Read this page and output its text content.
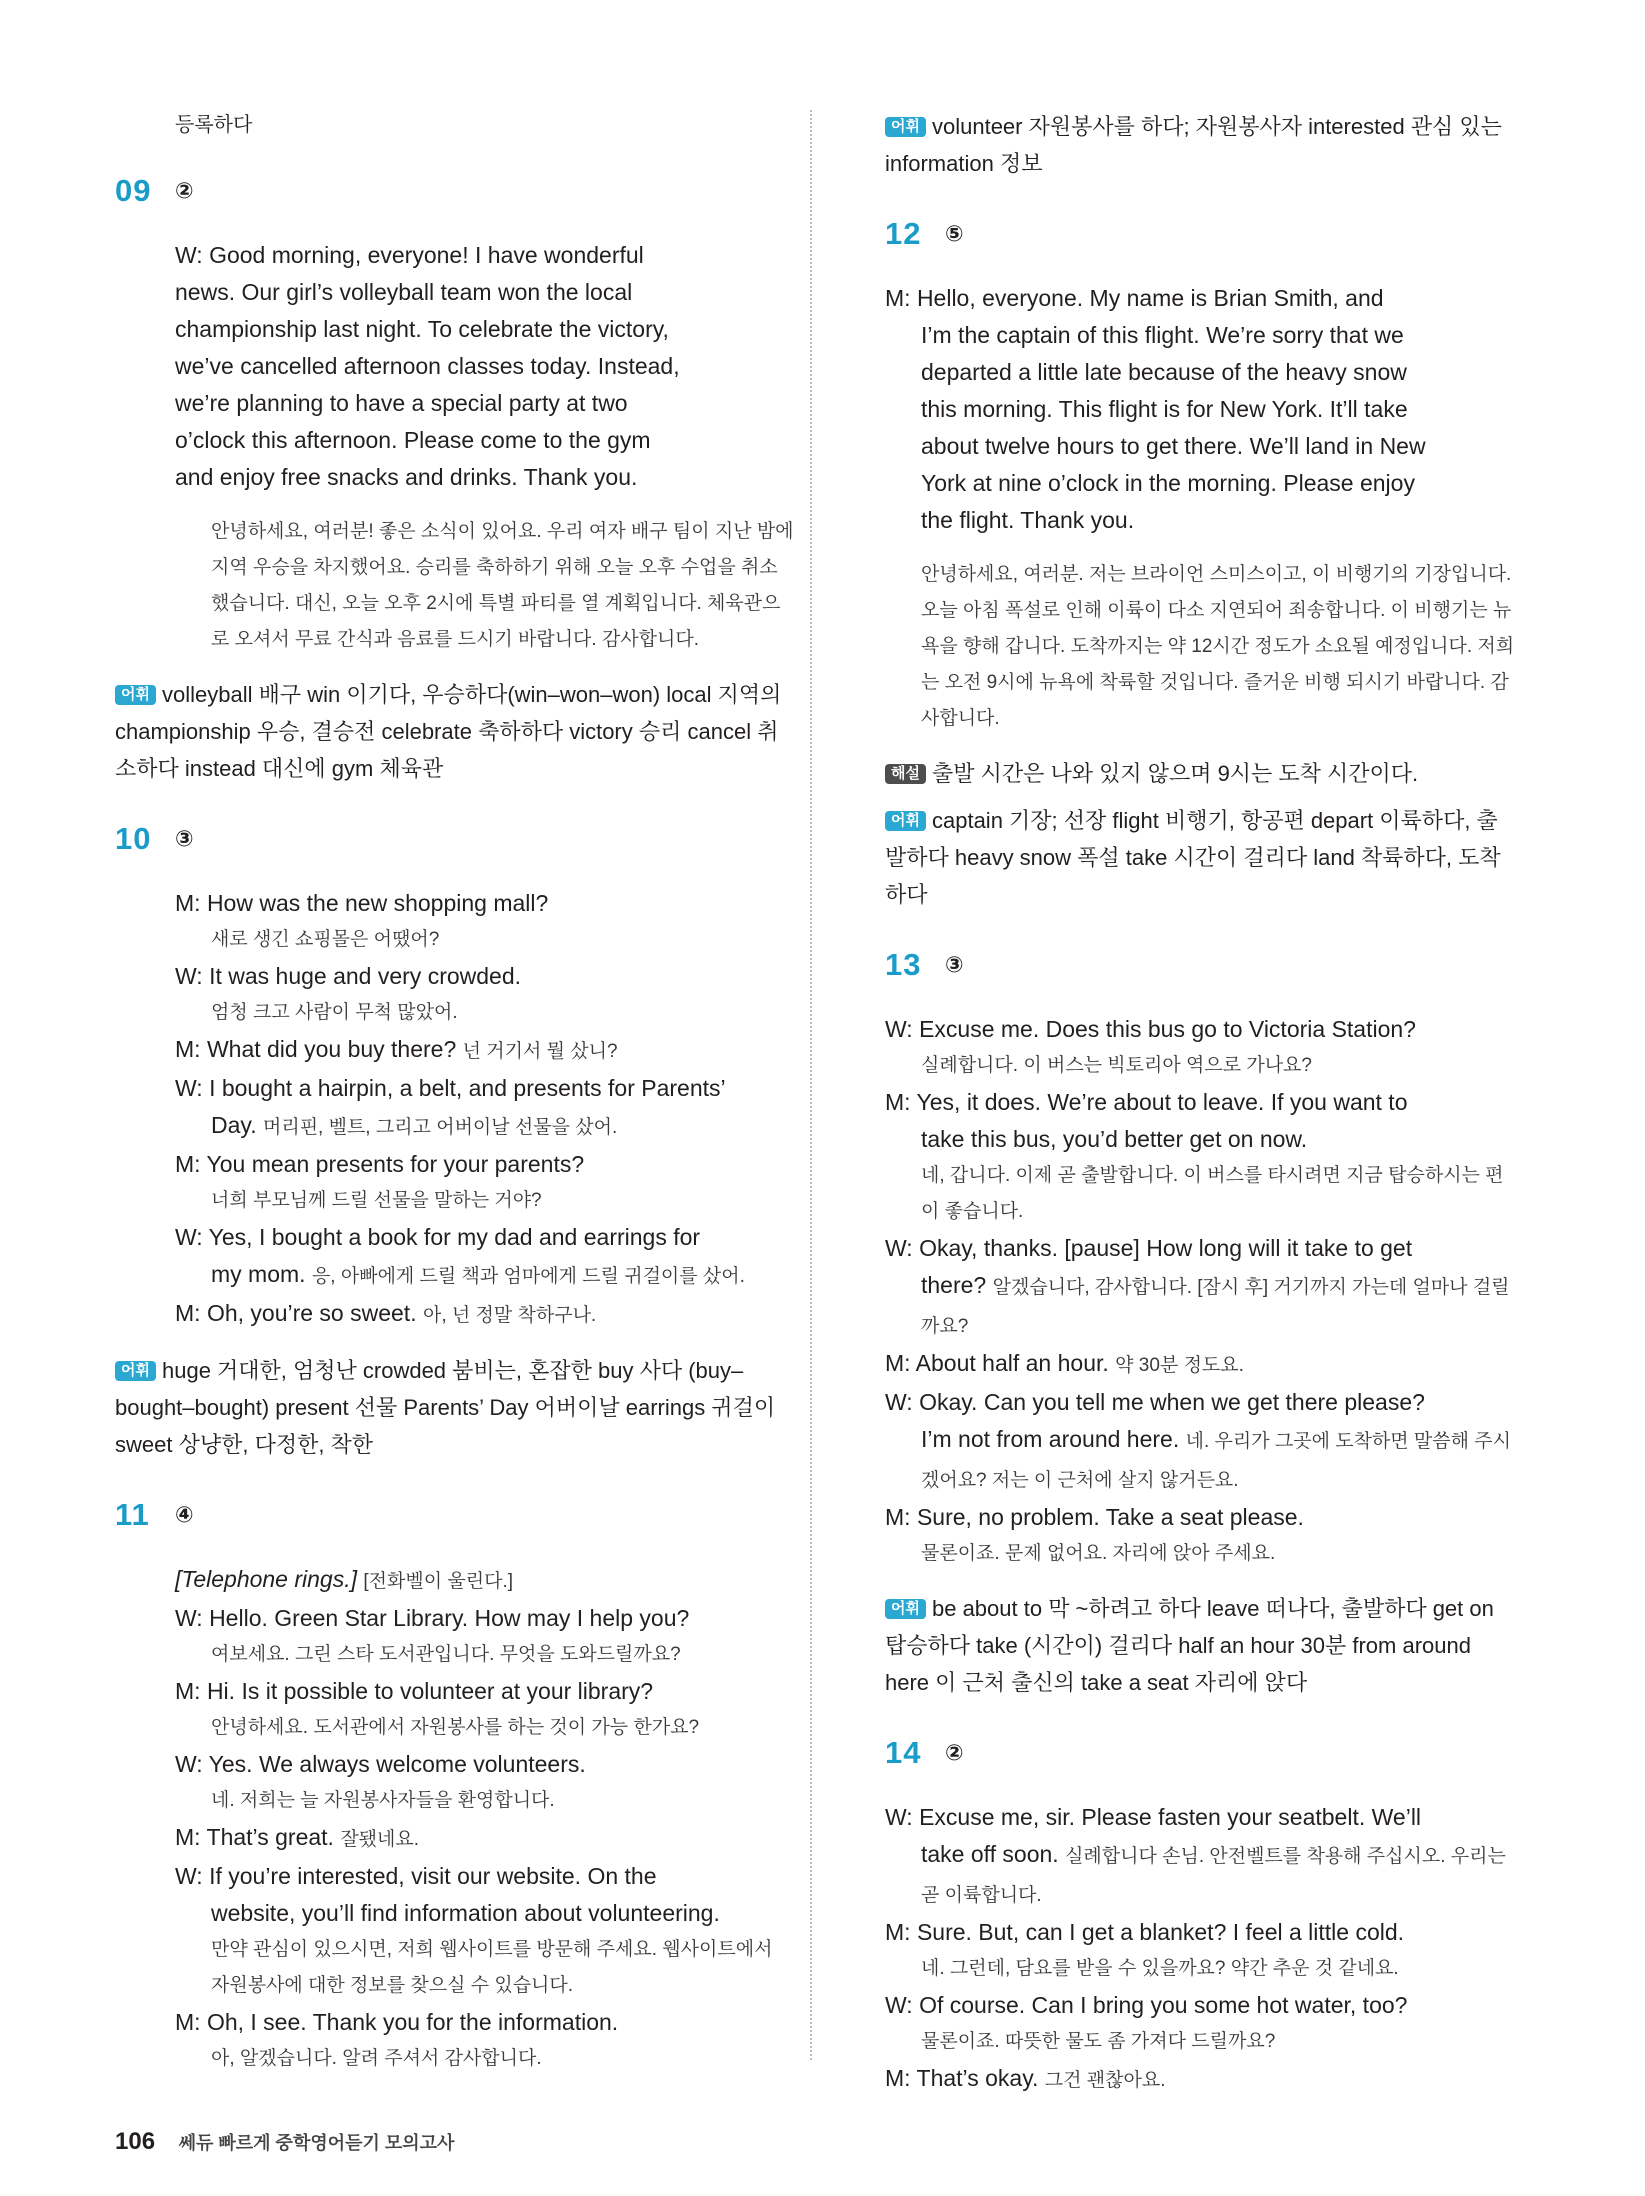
등록하다
09	②
W: Good morning, everyone! I have wonderful
news. Our girl’s volleyball team won the local
championship last night. To celebrate the victory,
we’ve cancelled afternoon classes today. Instead,
we’re planning to have a special party at two
o’clock this afternoon. Please come to the gym
and enjoy free snacks and drinks. Thank you.
안녕하세요, 여러분! 좋은 소식이 있어요. 우리 여자 배구 팀이 지난 밤에 지역 우승을 차지했어요. 승리를 축하하기 위해 오늘 오후 수업을 취소했습니다. 대신, 오늘 오후 2시에 특별 파티를 열 계획입니다. 체육관으로 오셔서 무료 간식과 음료를 드시기 바랍니다. 감사합니다.
어휘 volleyball 배구 win 이기다, 우승하다(win–won–won) local 지역의 championship 우승, 결승전 celebrate 축하하다 victory 승리 cancel 취소하다 instead 대신에 gym 체육관
10	③
M: How was the new shopping mall?
새로 생긴 쇼핑몰은 어땠어?
W: It was huge and very crowded.
엄청 크고 사람이 무척 많았어.
M: What did you buy there? 넌 거기서 뭘 샀니?
W: I bought a hairpin, a belt, and presents for Parents’
Day. 머리핀, 벨트, 그리고 어버이날 선물을 샀어.
M: You mean presents for your parents?
너희 부모님께 드릴 선물을 말하는 거야?
W: Yes, I bought a book for my dad and earrings for
my mom. 응, 아빠에게 드릴 책과 엄마에게 드릴 귀걸이를 샀어.
M: Oh, you’re so sweet. 아, 넌 정말 착하구나.
어휘 huge 거대한, 엄청난 crowded 붐비는, 혼잡한 buy 사다 (buy–bought–bought) present 선물 Parents’ Day 어버이날 earrings 귀걸이 sweet 상냥한, 다정한, 착한
11	④
[Telephone rings.] [전화벨이 울린다.]
W: Hello. Green Star Library. How may I help you?
여보세요. 그린 스타 도서관입니다. 무엇을 도와드릴까요?
M: Hi. Is it possible to volunteer at your library?
안녕하세요. 도서관에서 자원봉사를 하는 것이 가능 한가요?
W: Yes. We always welcome volunteers.
네. 저희는 늘 자원봉사자들을 환영합니다.
M: That’s great. 잘됐네요.
W: If you’re interested, visit our website. On the
website, you’ll find information about volunteering.
만약 관심이 있으시면, 저희 웹사이트를 방문해 주세요. 웹사이트에서 자원봉사에 대한 정보를 찾으실 수 있습니다.
M: Oh, I see. Thank you for the information.
아, 알겠습니다. 알려 주셔서 감사합니다.
어휘 volunteer 자원봉사를 하다; 자원봉사자 interested 관심 있는 information 정보
12	⑤
M: Hello, everyone. My name is Brian Smith, and
I’m the captain of this flight. We’re sorry that we
departed a little late because of the heavy snow
this morning. This flight is for New York. It’ll take
about twelve hours to get there. We’ll land in New
York at nine o’clock in the morning. Please enjoy
the flight. Thank you.
안녕하세요, 여러분. 저는 브라이언 스미스이고, 이 비행기의 기장입니다. 오늘 아침 폭설로 인해 이륙이 다소 지연되어 죄송합니다. 이 비행기는 뉴욕을 향해 갑니다. 도착까지는 약 12시간 정도가 소요될 예정입니다. 저희는 오전 9시에 뉴욕에 착륙할 것입니다. 즐거운 비행 되시기 바랍니다. 감사합니다.
해설 출발 시간은 나와 있지 않으며 9시는 도착 시간이다.
어휘 captain 기장; 선장 flight 비행기, 항공편 depart 이륙하다, 출발하다 heavy snow 폭설 take 시간이 걸리다 land 착륙하다, 도착하다
13	③
W: Excuse me. Does this bus go to Victoria Station?
실례합니다. 이 버스는 빅토리아 역으로 가나요?
M: Yes, it does. We’re about to leave. If you want to
take this bus, you’d better get on now.
네, 갑니다. 이제 곧 출발합니다. 이 버스를 타시려면 지금 탑승하시는 편이 좋습니다.
W: Okay, thanks. [pause] How long will it take to get
there? 알겠습니다, 감사합니다. [잠시 후] 거기까지 가는데 얼마나 걸릴까요?
M: About half an hour. 약 30분 정도요.
W: Okay. Can you tell me when we get there please?
I’m not from around here. 네. 우리가 그곳에 도착하면 말씀해 주시겠어요? 저는 이 근처에 살지 않거든요.
M: Sure, no problem. Take a seat please.
물론이죠. 문제 없어요. 자리에 앉아 주세요.
어휘 be about to 막 ~하려고 하다 leave 떠나다, 출발하다 get on 탑승하다 take (시간이) 걸리다 half an hour 30분 from around here 이 근처 출신의 take a seat 자리에 앉다
14	②
W: Excuse me, sir. Please fasten your seatbelt. We’ll
take off soon. 실례합니다 손님. 안전벨트를 착용해 주십시오. 우리는 곧 이륙합니다.
M: Sure. But, can I get a blanket? I feel a little cold.
네. 그런데, 담요를 받을 수 있을까요? 약간 추운 것 같네요.
W: Of course. Can I bring you some hot water, too?
물론이죠. 따뜻한 물도 좀 가져다 드릴까요?
M: That’s okay. 그건 괜찮아요.
106 쎄듀 빠르게 중학영어듣기 모의고사
